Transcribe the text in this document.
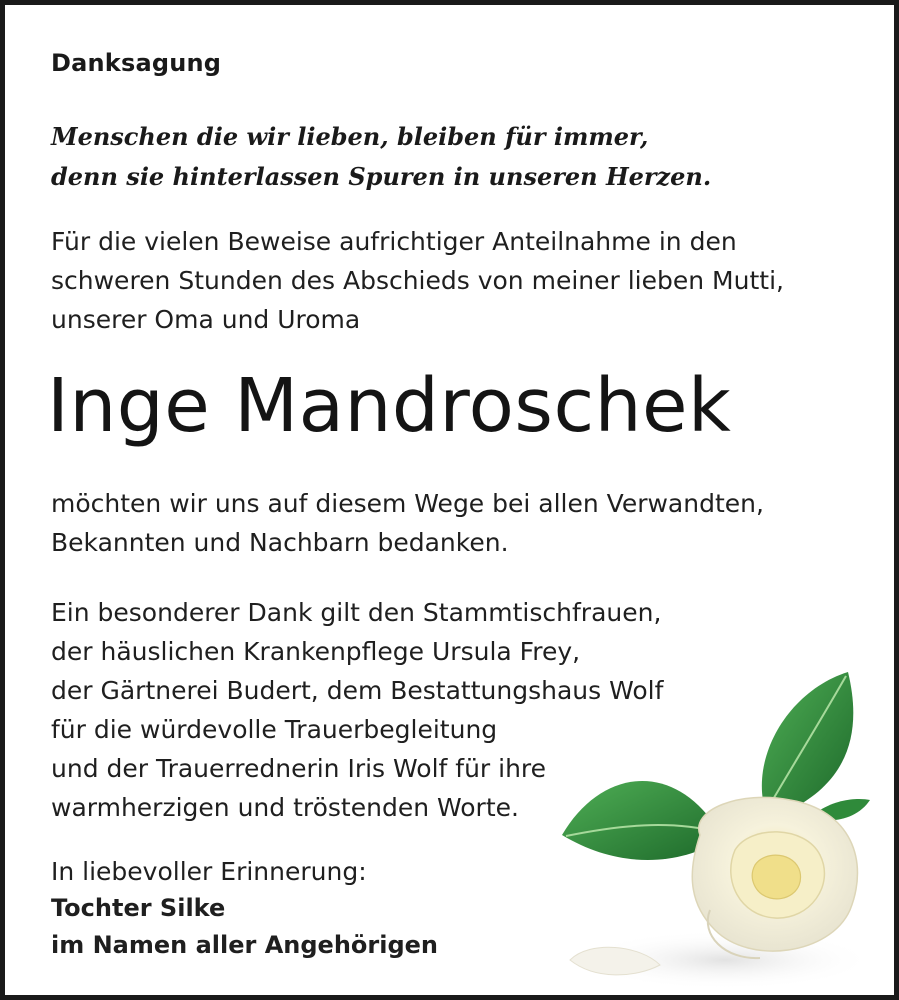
Danksagung
Menschen die wir lieben, bleiben für immer,
denn sie hinterlassen Spuren in unseren Herzen.
Für die vielen Beweise aufrichtiger Anteilnahme in den
schweren Stunden des Abschieds von meiner lieben Mutti,
unserer Oma und Uroma
Inge Mandroschek
möchten wir uns auf diesem Wege bei allen Verwandten,
Bekannten und Nachbarn bedanken.
Ein besonderer Dank gilt den Stammtischfrauen,
der häuslichen Krankenpflege Ursula Frey,
der Gärtnerei Budert, dem Bestattungshaus Wolf
für die würdevolle Trauerbegleitung
und der Trauerrednerin Iris Wolf für ihre
warmherzigen und tröstenden Worte.
In liebevoller Erinnerung:
Tochter Silke
im Namen aller Angehörigen
